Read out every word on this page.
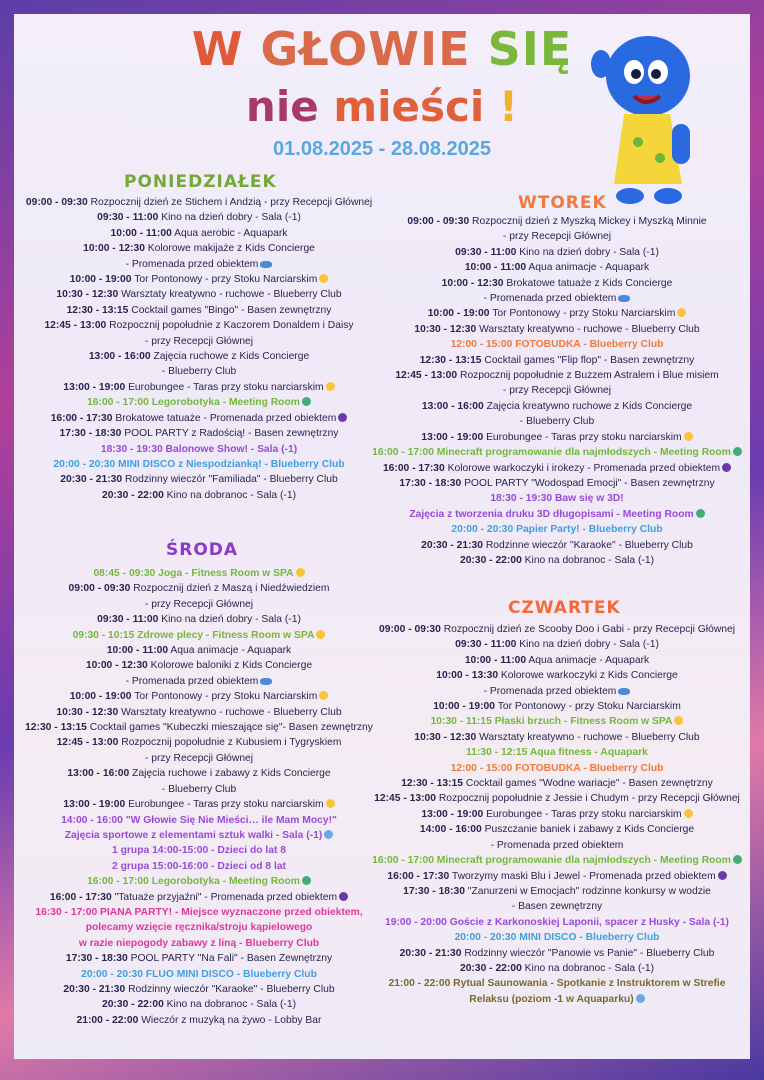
W GŁOWIE SIĘ
nie mieści !
01.08.2025 - 28.08.2025
PONIEDZIAŁEK
09:00 - 09:30 Rozpocznij dzień ze Stichem i Andzią - przy Recepcji Głównej
09:30 - 11:00 Kino na dzień dobry - Sala (-1)
10:00 - 11:00 Aqua aerobic - Aquapark
10:00 - 12:30 Kolorowe makijaże z Kids Concierge
- Promenada przed obiektem
10:00 - 19:00 Tor Pontonowy - przy Stoku Narciarskim
10:30 - 12:30 Warsztaty kreatywno - ruchowe - Blueberry Club
12:30 - 13:15 Cocktail games "Bingo" - Basen zewnętrzny
12:45 - 13:00 Rozpocznij popołudnie z Kaczorem Donaldem i Daisy
- przy Recepcji Głównej
13:00 - 16:00 Zajęcia ruchowe z Kids Concierge
- Blueberry Club
13:00 - 19:00 Eurobungee - Taras przy stoku narciarskim
16:00 - 17:00 Legorobotyka - Meeting Room
16:00 - 17:30 Brokatowe tatuaże - Promenada przed obiektem
17:30 - 18:30 POOL PARTY z Radością! - Basen zewnętrzny
18:30 - 19:30 Balonowe Show! - Sala (-1)
20:00 - 20:30 MINI DISCO z Niespodzianką! - Blueberry Club
20:30 - 21:30 Rodzinny wieczór "Familiada" - Blueberry Club
20:30 - 22:00 Kino na dobranoc - Sala (-1)
WTOREK
09:00 - 09:30 Rozpocznij dzień z Myszką Mickey i Myszką Minnie
- przy Recepcji Głównej
09:30 - 11:00 Kino na dzień dobry - Sala (-1)
10:00 - 11:00 Aqua animacje - Aquapark
10:00 - 12:30 Brokatowe tatuaże z Kids Concierge
- Promenada przed obiektem
10:00 - 19:00 Tor Pontonowy - przy Stoku Narciarskim
10:30 - 12:30 Warsztaty kreatywno - ruchowe - Blueberry Club
12:00 - 15:00 FOTOBUDKA - Blueberry Club
12:30 - 13:15 Cocktail games "Flip flop" - Basen zewnętrzny
12:45 - 13:00 Rozpocznij popołudnie z Buzzem Astralem i Blue misiem
- przy Recepcji Głównej
13:00 - 16:00 Zajęcia kreatywno ruchowe z Kids Concierge
- Blueberry Club
13:00 - 19:00 Eurobungee - Taras przy stoku narciarskim
16:00 - 17:00 Minecraft programowanie dla najmłodszych - Meeting Room
16:00 - 17:30 Kolorowe warkoczyki i irokezy - Promenada przed obiektem
17:30 - 18:30 POOL PARTY "Wodospad Emocji" - Basen zewnętrzny
18:30 - 19:30 Baw się w 3D!
Zajęcia z tworzenia druku 3D długopisami - Meeting Room
20:00 - 20:30 Papier Party! - Blueberry Club
20:30 - 21:30 Rodzinne wieczór "Karaoke" - Blueberry Club
20:30 - 22:00 Kino na dobranoc - Sala (-1)
ŚRODA
08:45 - 09:30 Joga - Fitness Room w SPA
09:00 - 09:30 Rozpocznij dzień z Maszą i Niedźwiedziem
- przy Recepcji Głównej
09:30 - 11:00 Kino na dzień dobry - Sala (-1)
09:30 - 10:15 Zdrowe plecy - Fitness Room w SPA
10:00 - 11:00 Aqua animacje - Aquapark
10:00 - 12:30 Kolorowe baloniki z Kids Concierge
- Promenada przed obiektem
10:00 - 19:00 Tor Pontonowy - przy Stoku Narciarskim
10:30 - 12:30 Warsztaty kreatywno - ruchowe - Blueberry Club
12:30 - 13:15 Cocktail games "Kubeczki mieszające się"- Basen zewnętrzny
12:45 - 13:00 Rozpocznij popołudnie z Kubusiem i Tygryskiem
- przy Recepcji Głównej
13:00 - 16:00 Zajęcia ruchowe i zabawy z Kids Concierge
- Blueberry Club
13:00 - 19:00 Eurobungee - Taras przy stoku narciarskim
14:00 - 16:00 "W Głowie Się Nie Mieści… ile Mam Mocy!"
Zajęcia sportowe z elementami sztuk walki - Sala (-1)
1 grupa 14:00-15:00 - Dzieci do lat 8
2 grupa 15:00-16:00 - Dzieci od 8 lat
16:00 - 17:00 Legorobotyka - Meeting Room
16:00 - 17:30 "Tatuaże przyjaźni" - Promenada przed obiektem
16:30 - 17:00 PIANA PARTY! - Miejsce wyznaczone przed obiektem,
polecamy wzięcie ręcznika/stroju kąpielowego
w razie niepogody zabawy z liną - Blueberry Club
17:30 - 18:30 POOL PARTY "Na Fali" - Basen Zewnętrzny
20:00 - 20:30 FLUO MINI DISCO - Blueberry Club
20:30 - 21:30 Rodzinny wieczór "Karaoke" - Blueberry Club
20:30 - 22:00 Kino na dobranoc - Sala (-1)
21:00 - 22:00 Wieczór z muzyką na żywo - Lobby Bar
CZWARTEK
09:00 - 09:30 Rozpocznij dzień ze Scooby Doo i Gabi - przy Recepcji Głównej
09:30 - 11:00 Kino na dzień dobry - Sala (-1)
10:00 - 11:00 Aqua animacje - Aquapark
10:00 - 13:30 Kolorowe warkoczyki z Kids Concierge
- Promenada przed obiektem
10:00 - 19:00 Tor Pontonowy - przy Stoku Narciarskim
10:30 - 11:15 Płaski brzuch - Fitness Room w SPA
10:30 - 12:30 Warsztaty kreatywno - ruchowe - Blueberry Club
11:30 - 12:15 Aqua fitness - Aquapark
12:00 - 15:00 FOTOBUDKA - Blueberry Club
12:30 - 13:15 Cocktail games "Wodne wariacje" - Basen zewnętrzny
12:45 - 13:00 Rozpocznij popołudnie z Jessie i Chudym - przy Recepcji Głównej
13:00 - 19:00 Eurobungee - Taras przy stoku narciarskim
14:00 - 16:00 Puszczanie baniek i zabawy z Kids Concierge
- Promenada przed obiektem
16:00 - 17:00 Minecraft programowanie dla najmłodszych - Meeting Room
16:00 - 17:30 Tworzymy maski Blu i Jewel - Promenada przed obiektem
17:30 - 18:30 "Zanurzeni w Emocjach" rodzinne konkursy w wodzie
- Basen zewnętrzny
19:00 - 20:00 Goście z Karkonoskiej Laponii, spacer z Husky - Sala (-1)
20:00 - 20:30 MINI DISCO - Blueberry Club
20:30 - 21:30 Rodzinny wieczór "Panowie vs Panie" - Blueberry Club
20:30 - 22:00 Kino na dobranoc - Sala (-1)
21:00 - 22:00 Rytual Saunowania - Spotkanie z Instruktorem w Strefie
Relaksu (poziom -1 w Aquaparku)
